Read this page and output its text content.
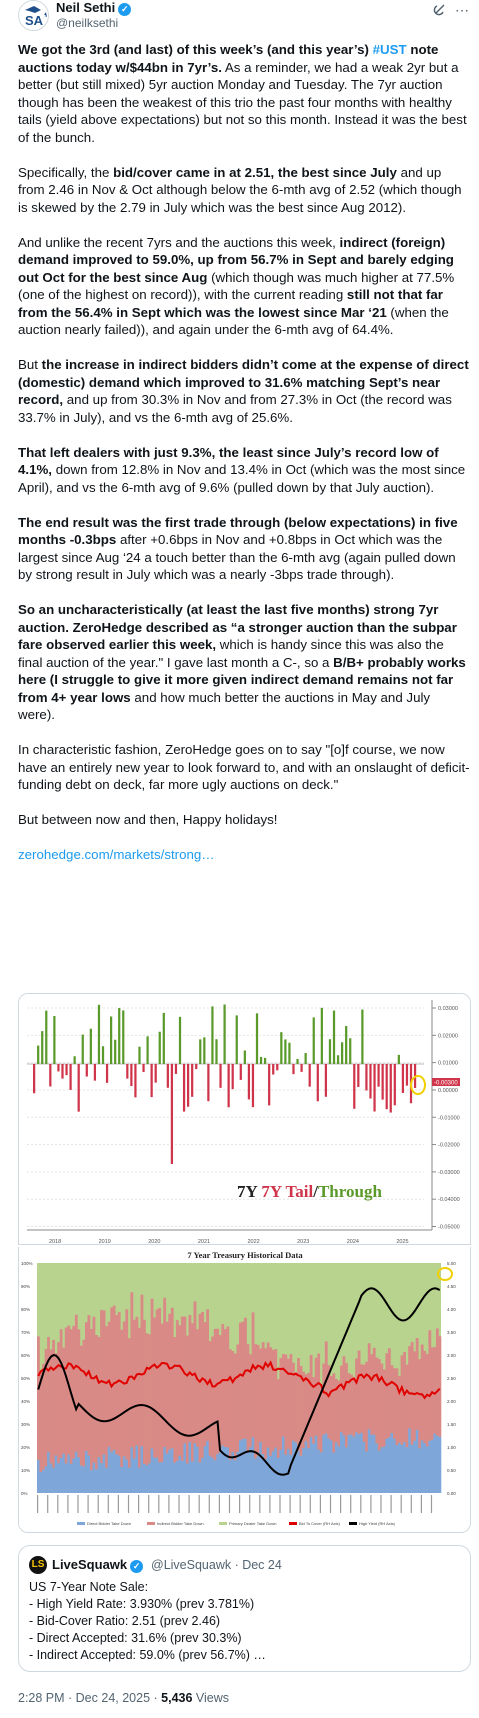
SA
Neil Sethi ✓
@neilksethi
⋯

We got the 3rd (and last) of this week’s (and this year’s) #UST note auctions today w/$44bn in 7yr’s. As a reminder, we had a weak 2yr but a better (but still mixed) 5yr auction Monday and Tuesday. The 7yr auction though has been the weakest of this trio the past four months with healthy tails (yield above expectations) but not so this month. Instead it was the best of the bunch.

Specifically, the bid/cover came in at 2.51, the best since July and up from 2.46 in Nov & Oct although below the 6-mth avg of 2.52 (which though is skewed by the 2.79 in July which was the best since Aug 2012).

And unlike the recent 7yrs and the auctions this week, indirect (foreign) demand improved to 59.0%, up from 56.7% in Sept and barely edging out Oct for the best since Aug (which though was much higher at 77.5% (one of the highest on record)), with the current reading still not that far from the 56.4% in Sept which was the lowest since Mar ‘21 (when the auction nearly failed)), and again under the 6-mth avg of 64.4%.

But the increase in indirect bidders didn’t come at the expense of direct (domestic) demand which improved to 31.6% matching Sept’s near record, and up from 30.3% in Nov and from 27.3% in Oct (the record was 33.7% in July), and vs the 6-mth avg of 25.6%.

That left dealers with just 9.3%, the least since July’s record low of 4.1%, down from 12.8% in Nov and 13.4% in Oct (which was the most since April), and vs the 6-mth avg of 9.6% (pulled down by that July auction).

The end result was the first trade through (below expectations) in five months -0.3bps after +0.6bps in Nov and +0.8bps in Oct which was the largest since Aug ‘24 a touch better than the 6-mth avg (again pulled down by strong result in July which was a nearly -3bps trade through).

So an uncharacteristically (at least the last five months) strong 7yr auction. ZeroHedge described as “a stronger auction than the subpar fare observed earlier this week, which is handy since this was also the final auction of the year." I gave last month a C-, so a B/B+ probably works here (I struggle to give it more given indirect demand remains not far from 4+ year lows and how much better the auctions in May and July were).

In characteristic fashion, ZeroHedge goes on to say "[o]f course, we now have an entirely new year to look forward to, and with an onslaught of deficit-funding debt on deck, far more ugly auctions on deck."

But between now and then, Happy holidays!

zerohedge.com/markets/strong…

0.03000
0.02000
0.01000
0.00000
-0.01000
-0.02000
-0.03000
-0.04000
-0.05000
2018	2019	2020	2021	2022	2023	2024	2025
-0.00300
7Y 7Y Tail/Through
7 Year Treasury Historical Data
100%
90%
80%
70%
60%
50%
40%
30%
20%
10%
0%
5.00
4.50
4.00
3.50
3.00
2.50
2.00
1.50
1.00
0.50
0.00
Direct Bidder Take Down	Indirect Bidder Take Down	Primary Dealer Take Down	Bid To Cover (RH Axis)	High Yield (RH Axis)
LS LiveSquawk ✓ @LiveSquawk · Dec 24
US 7-Year Note Sale:
- High Yield Rate: 3.930% (prev 3.781%)
- Bid-Cover Ratio: 2.51 (prev 2.46)
- Direct Accepted: 31.6% (prev 30.3%)
- Indirect Accepted: 59.0% (prev 56.7%) …
2:28 PM · Dec 24, 2025 · 5,436 Views
